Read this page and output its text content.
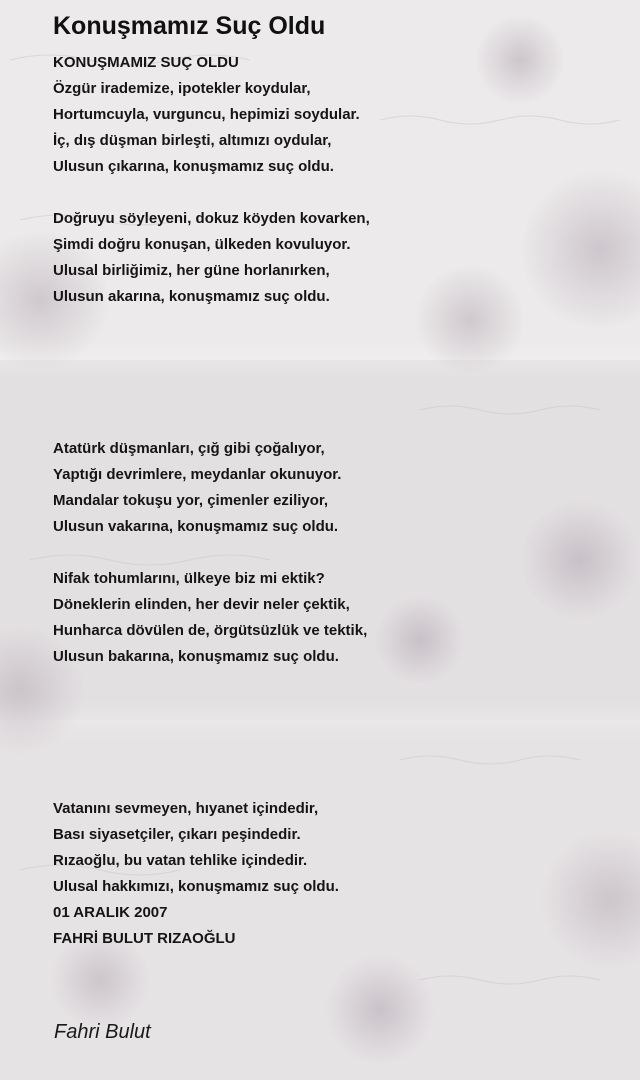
Konuşmamız Suç Oldu
KONUŞMAMIZ SUÇ OLDU
Özgür irademize, ipotekler koydular,
Hortumcuyla, vurguncu, hepimizi soydular.
İç, dış düşman birleşti, altımızı oydular,
Ulusun çıkarına, konuşmamız suç oldu.
Doğruyu söyleyeni, dokuz köyden kovarken,
Şimdi doğru konuşan, ülkeden kovuluyor.
Ulusal birliğimiz, her güne horlanırken,
Ulusun akarına, konuşmamız suç oldu.
Atatürk düşmanları, çığ gibi çoğalıyor,
Yaptığı devrimlere, meydanlar okunuyor.
Mandalar tokuşu yor, çimenler eziliyor,
Ulusun vakarına, konuşmamız suç oldu.
Nifak tohumlarını, ülkeye biz mi ektik?
Döneklerin elinden, her devir neler çektik,
Hunharca dövülen de, örgütsüzlük ve tektik,
Ulusun bakarına, konuşmamız suç oldu.
Vatanını sevmeyen, hıyanet içindedir,
Bası siyasetçiler, çıkarı peşindedir.
Rızaoğlu, bu vatan tehlike içindedir.
Ulusal hakkımızı, konuşmamız suç oldu.
01 ARALIK 2007
FAHRİ BULUT RIZAOĞLU
Fahri Bulut
